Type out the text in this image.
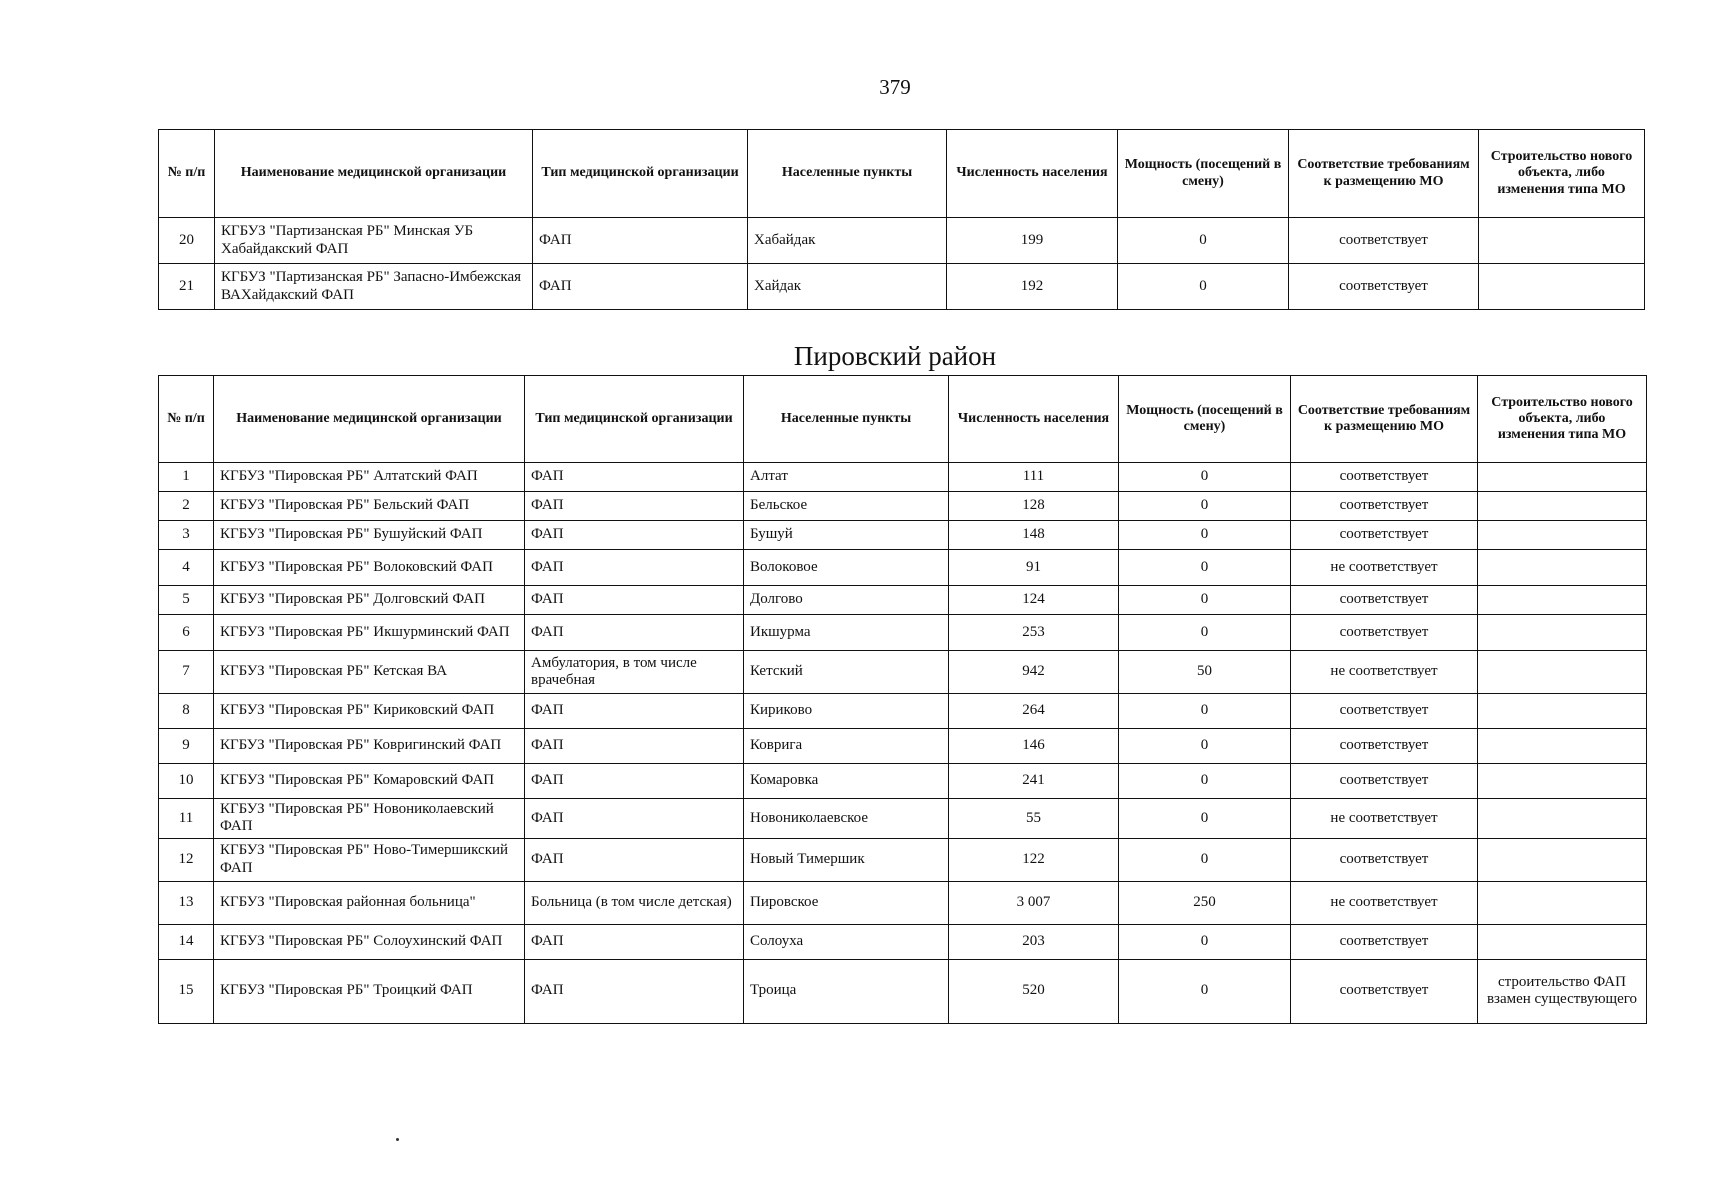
379
№ п/п	Наименование медицинской организации	Тип медицинской организации	Населенные пункты	Численность населения	Мощность (посещений в смену)	Соответствие требованиям к размещению МО	Строительство нового объекта, либо изменения типа МО
20	КГБУЗ "Партизанская РБ" Минская УБ Хабайдакский ФАП	ФАП	Хабайдак	199	0	соответствует	
21	КГБУЗ "Партизанская РБ" Запасно-Имбежская ВАХайдакский ФАП	ФАП	Хайдак	192	0	соответствует	
Пировский район
№ п/п	Наименование медицинской организации	Тип медицинской организации	Населенные пункты	Численность населения	Мощность (посещений в смену)	Соответствие требованиям к размещению МО	Строительство нового объекта, либо изменения типа МО
1	КГБУЗ "Пировская РБ" Алтатский ФАП	ФАП	Алтат	111	0	соответствует	
2	КГБУЗ "Пировская РБ" Бельский ФАП	ФАП	Бельское	128	0	соответствует	
3	КГБУЗ "Пировская РБ" Бушуйский ФАП	ФАП	Бушуй	148	0	соответствует	
4	КГБУЗ "Пировская РБ" Волоковский ФАП	ФАП	Волоковое	91	0	не соответствует	
5	КГБУЗ "Пировская РБ" Долговский ФАП	ФАП	Долгово	124	0	соответствует	
6	КГБУЗ "Пировская РБ" Икшурминский ФАП	ФАП	Икшурма	253	0	соответствует	
7	КГБУЗ "Пировская РБ" Кетская ВА	Амбулатория, в том числе врачебная	Кетский	942	50	не соответствует	
8	КГБУЗ "Пировская РБ" Кириковский ФАП	ФАП	Кириково	264	0	соответствует	
9	КГБУЗ "Пировская РБ" Ковригинский ФАП	ФАП	Коврига	146	0	соответствует	
10	КГБУЗ "Пировская РБ" Комаровский ФАП	ФАП	Комаровка	241	0	соответствует	
11	КГБУЗ "Пировская РБ" Новониколаевский ФАП	ФАП	Новониколаевское	55	0	не соответствует	
12	КГБУЗ "Пировская РБ" Ново-Тимершикский ФАП	ФАП	Новый Тимершик	122	0	соответствует	
13	КГБУЗ "Пировская районная больница"	Больница (в том числе детская)	Пировское	3 007	250	не соответствует	
14	КГБУЗ "Пировская РБ" Солоухинский ФАП	ФАП	Солоуха	203	0	соответствует	
15	КГБУЗ "Пировская РБ" Троицкий ФАП	ФАП	Троица	520	0	соответствует	строительство ФАП взамен существующего
